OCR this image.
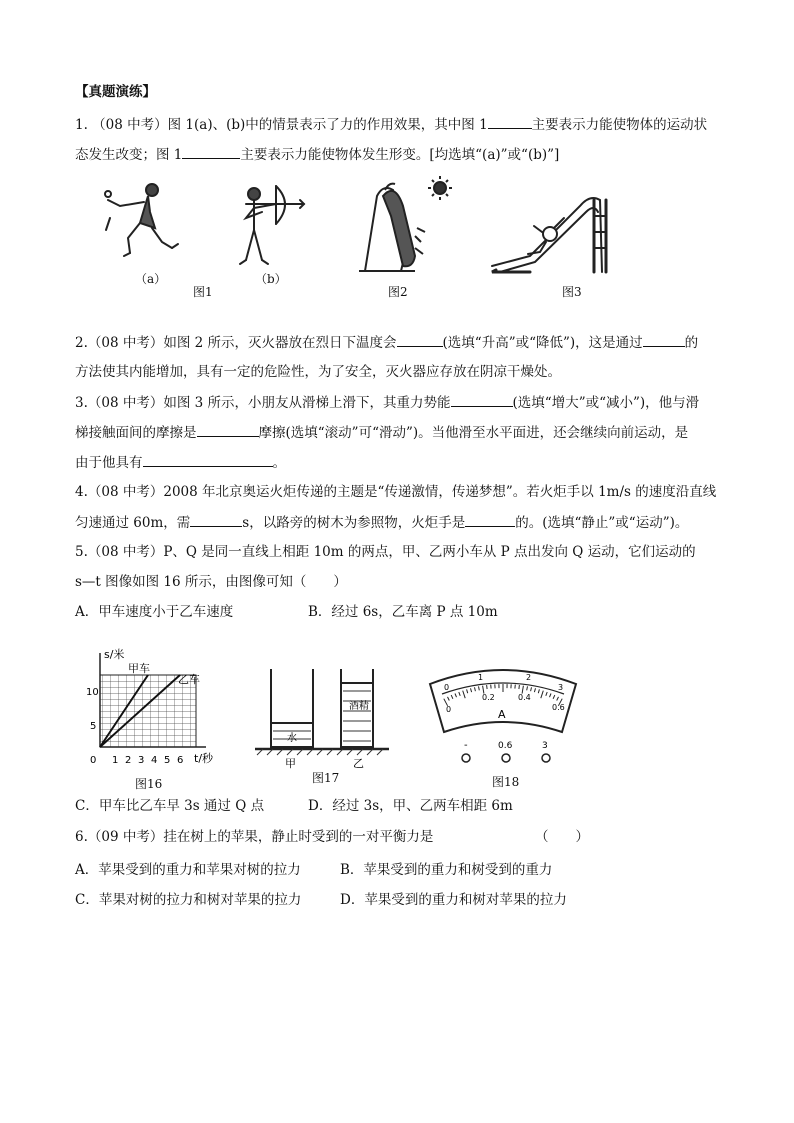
【真题演练】
1. （08 中考）图 1(a)、(b)中的情景表示了力的作用效果，其中图 1	主要表示力能使物体的运动状
态发生改变；图 1	主要表示力能使物体发生形变。[均选填“(a)”或“(b)”]
（a）	（b）
图1	图2	图3
2.（08 中考）如图 2 所示，灭火器放在烈日下温度会	(选填“升高”或“降低”)，这是通过	的
方法使其内能增加，具有一定的危险性，为了安全，灭火器应存放在阴凉干燥处。
3.（08 中考）如图 3 所示，小朋友从滑梯上滑下，其重力势能	(选填“增大”或“减小”)，他与滑
梯接触面间的摩擦是	摩擦(选填“滚动”可“滑动”)。当他滑至水平面进，还会继续向前运动，是
由于他具有	。
4.（08 中考）2008 年北京奥运火炬传递的主题是“传递激情，传递梦想”。若火炬手以 1m/s 的速度沿直线
匀速通过 60m，需	s，以路旁的树木为参照物，火炬手是	的。(选填“静止”或“运动”)。
5.（08 中考）P、Q 是同一直线上相距 10m 的两点，甲、乙两小车从 P 点出发向 Q 运动，它们运动的
s—t 图像如图 16 所示，由图像可知（　　）
A．甲车速度小于乙车速度	B．经过 6s，乙车离 P 点 10m
s/米
t/秒
甲车
乙车
10
5
0 1 2 3 4 5 6
图16
水
酒精
甲	乙
图17
0
0.2	0.4
0.6
0
1	2
3
A
-	0.6	3
图18
C．甲车比乙车早 3s 通过 Q 点	D．经过 3s，甲、乙两车相距 6m
6.（09 中考）挂在树上的苹果，静止时受到的一对平衡力是	（　　）
A．苹果受到的重力和苹果对树的拉力	B．苹果受到的重力和树受到的重力
C．苹果对树的拉力和树对苹果的拉力	D．苹果受到的重力和树对苹果的拉力
